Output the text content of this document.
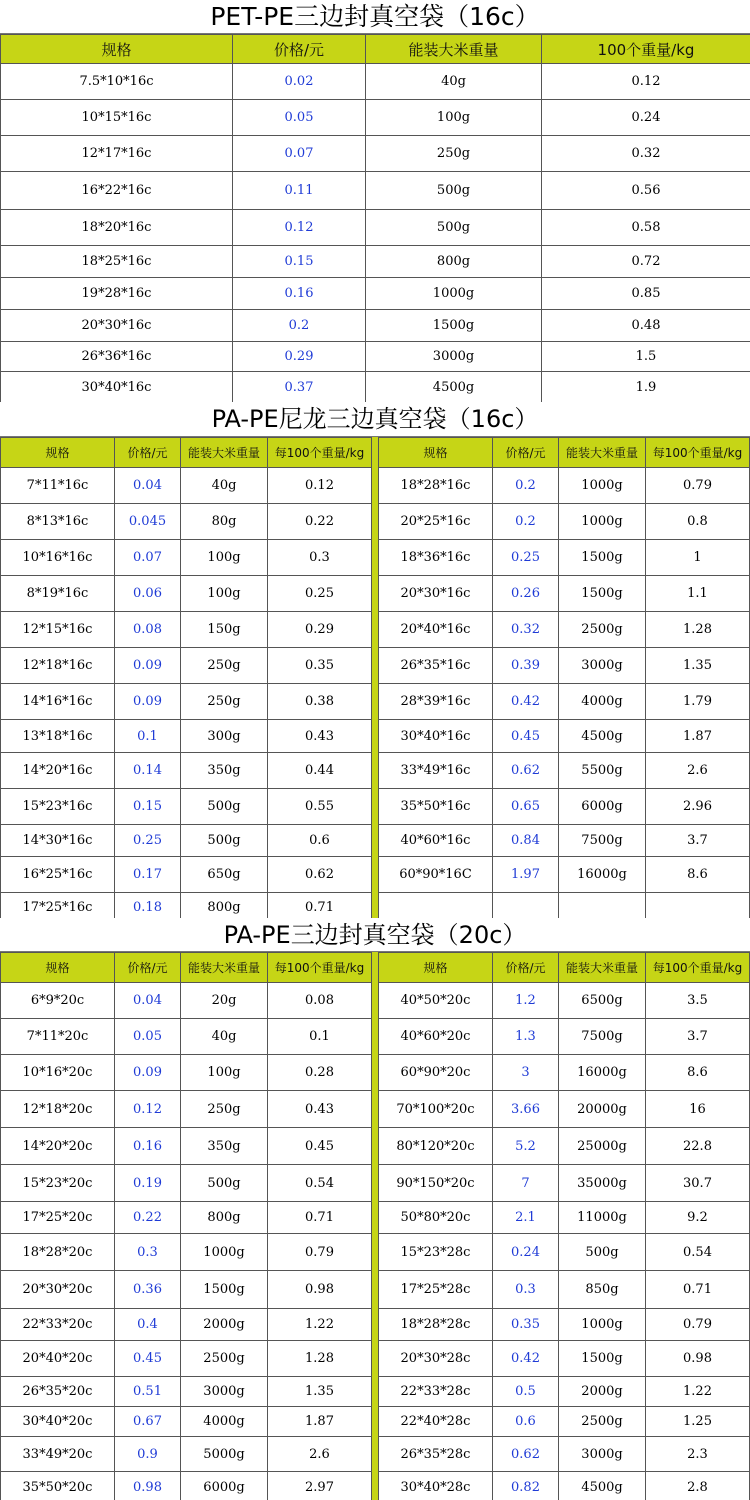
PET-PE三边封真空袋（16c）
规格	价格/元	能装大米重量	100个重量/kg
7.5*10*16c	0.02	40g	0.12
10*15*16c	0.05	100g	0.24
12*17*16c	0.07	250g	0.32
16*22*16c	0.11	500g	0.56
18*20*16c	0.12	500g	0.58
18*25*16c	0.15	800g	0.72
19*28*16c	0.16	1000g	0.85
20*30*16c	0.2	1500g	0.48
26*36*16c	0.29	3000g	1.5
30*40*16c	0.37	4500g	1.9
PA-PE尼龙三边真空袋（16c）
规格	价格/元	能装大米重量	每100个重量/kg
7*11*16c	0.04	40g	0.12
8*13*16c	0.045	80g	0.22
10*16*16c	0.07	100g	0.3
8*19*16c	0.06	100g	0.25
12*15*16c	0.08	150g	0.29
12*18*16c	0.09	250g	0.35
14*16*16c	0.09	250g	0.38
13*18*16c	0.1	300g	0.43
14*20*16c	0.14	350g	0.44
15*23*16c	0.15	500g	0.55
14*30*16c	0.25	500g	0.6
16*25*16c	0.17	650g	0.62
17*25*16c	0.18	800g	0.71
规格	价格/元	能装大米重量	每100个重量/kg
18*28*16c	0.2	1000g	0.79
20*25*16c	0.2	1000g	0.8
18*36*16c	0.25	1500g	1
20*30*16c	0.26	1500g	1.1
20*40*16c	0.32	2500g	1.28
26*35*16c	0.39	3000g	1.35
28*39*16c	0.42	4000g	1.79
30*40*16c	0.45	4500g	1.87
33*49*16c	0.62	5500g	2.6
35*50*16c	0.65	6000g	2.96
40*60*16c	0.84	7500g	3.7
60*90*16C	1.97	16000g	8.6

PA-PE三边封真空袋（20c）
规格	价格/元	能装大米重量	每100个重量/kg
6*9*20c	0.04	20g	0.08
7*11*20c	0.05	40g	0.1
10*16*20c	0.09	100g	0.28
12*18*20c	0.12	250g	0.43
14*20*20c	0.16	350g	0.45
15*23*20c	0.19	500g	0.54
17*25*20c	0.22	800g	0.71
18*28*20c	0.3	1000g	0.79
20*30*20c	0.36	1500g	0.98
22*33*20c	0.4	2000g	1.22
20*40*20c	0.45	2500g	1.28
26*35*20c	0.51	3000g	1.35
30*40*20c	0.67	4000g	1.87
33*49*20c	0.9	5000g	2.6
35*50*20c	0.98	6000g	2.97
规格	价格/元	能装大米重量	每100个重量/kg
40*50*20c	1.2	6500g	3.5
40*60*20c	1.3	7500g	3.7
60*90*20c	3	16000g	8.6
70*100*20c	3.66	20000g	16
80*120*20c	5.2	25000g	22.8
90*150*20c	7	35000g	30.7
50*80*20c	2.1	11000g	9.2
15*23*28c	0.24	500g	0.54
17*25*28c	0.3	850g	0.71
18*28*28c	0.35	1000g	0.79
20*30*28c	0.42	1500g	0.98
22*33*28c	0.5	2000g	1.22
22*40*28c	0.6	2500g	1.25
26*35*28c	0.62	3000g	2.3
30*40*28c	0.82	4500g	2.8
